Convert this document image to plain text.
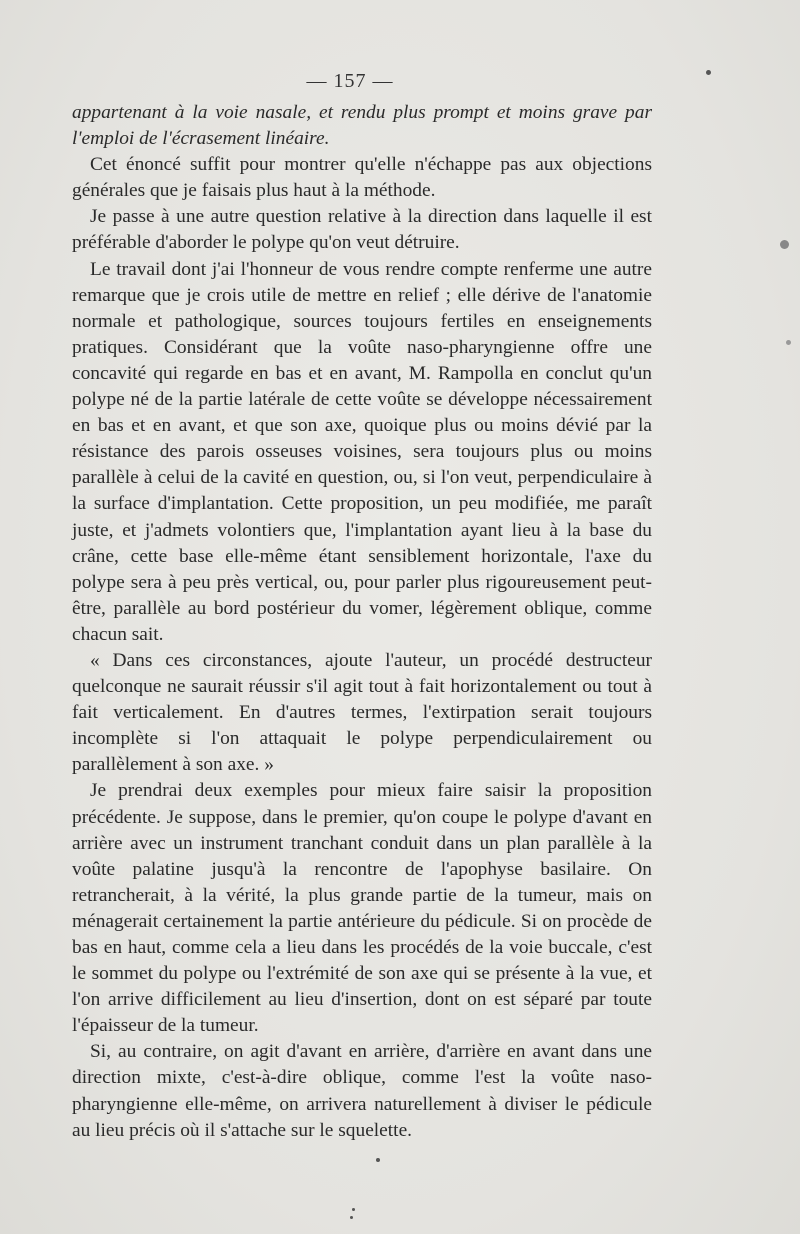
— 157 —

appartenant à la voie nasale, et rendu plus prompt et moins grave par l'emploi de l'écrasement linéaire.

Cet énoncé suffit pour montrer qu'elle n'échappe pas aux objections générales que je faisais plus haut à la méthode.

Je passe à une autre question relative à la direction dans laquelle il est préférable d'aborder le polype qu'on veut détruire.

Le travail dont j'ai l'honneur de vous rendre compte renferme une autre remarque que je crois utile de mettre en relief ; elle dérive de l'anatomie normale et pathologique, sources toujours fertiles en enseignements pratiques. Considérant que la voûte naso-pharyngienne offre une concavité qui regarde en bas et en avant, M. Rampolla en conclut qu'un polype né de la partie latérale de cette voûte se développe nécessairement en bas et en avant, et que son axe, quoique plus ou moins dévié par la résistance des parois osseuses voisines, sera toujours plus ou moins parallèle à celui de la cavité en question, ou, si l'on veut, perpendiculaire à la surface d'implantation. Cette proposition, un peu modifiée, me paraît juste, et j'admets volontiers que, l'implantation ayant lieu à la base du crâne, cette base elle-même étant sensiblement horizontale, l'axe du polype sera à peu près vertical, ou, pour parler plus rigoureusement peut-être, parallèle au bord postérieur du vomer, légèrement oblique, comme chacun sait.

« Dans ces circonstances, ajoute l'auteur, un procédé destructeur quelconque ne saurait réussir s'il agit tout à fait horizontalement ou tout à fait verticalement. En d'autres termes, l'extirpation serait toujours incomplète si l'on attaquait le polype perpendiculairement ou parallèlement à son axe. »

Je prendrai deux exemples pour mieux faire saisir la proposition précédente. Je suppose, dans le premier, qu'on coupe le polype d'avant en arrière avec un instrument tranchant conduit dans un plan parallèle à la voûte palatine jusqu'à la rencontre de l'apophyse basilaire. On retrancherait, à la vérité, la plus grande partie de la tumeur, mais on ménagerait certainement la partie antérieure du pédicule. Si on procède de bas en haut, comme cela a lieu dans les procédés de la voie buccale, c'est le sommet du polype ou l'extrémité de son axe qui se présente à la vue, et l'on arrive difficilement au lieu d'insertion, dont on est séparé par toute l'épaisseur de la tumeur.

Si, au contraire, on agit d'avant en arrière, d'arrière en avant dans une direction mixte, c'est-à-dire oblique, comme l'est la voûte nasopharyngienne elle-même, on arrivera naturellement à diviser le pédicule au lieu précis où il s'attache sur le squelette.
